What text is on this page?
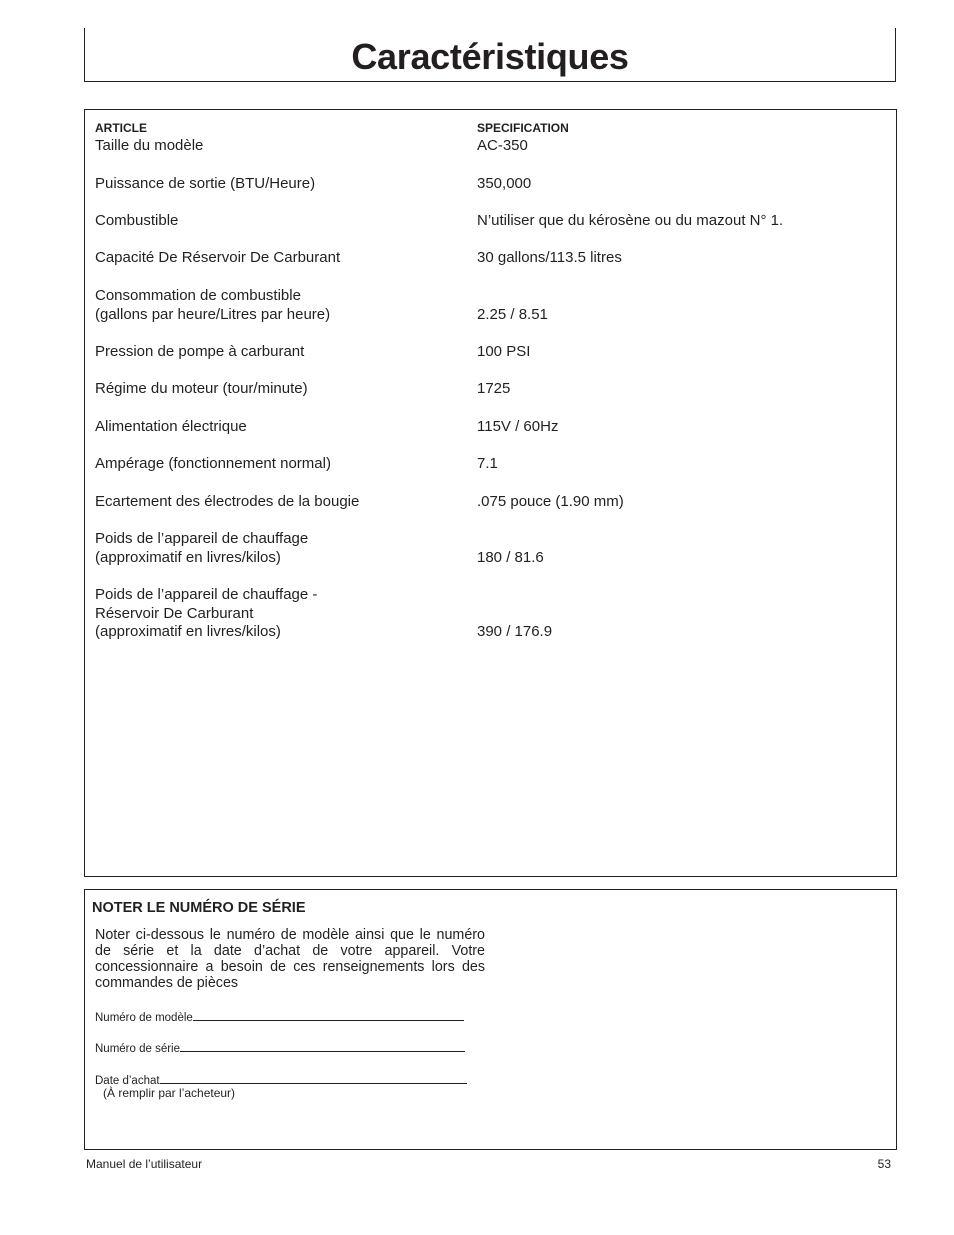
Caractéristiques
ARTICLE	SPECIFICATION
Taille du modèle	AC-350
Puissance de sortie (BTU/Heure)	350,000
Combustible	N’utiliser que du kérosène ou du mazout N° 1.
Capacité De Réservoir De Carburant	30 gallons/113.5 litres
Consommation de combustible
(gallons par heure/Litres par heure)	2.25 / 8.51
Pression de pompe à carburant	100 PSI
Régime du moteur (tour/minute)	1725
Alimentation électrique	115V / 60Hz
Ampérage (fonctionnement normal)	7.1
Ecartement des électrodes de la bougie	.075 pouce (1.90 mm)
Poids de l’appareil de chauffage
(approximatif en livres/kilos)	180 / 81.6
Poids de l’appareil de chauffage -
Réservoir De Carburant
(approximatif en livres/kilos)	390 / 176.9
NOTER LE NUMÉRO DE SÉRIE

Noter ci-dessous le numéro de modèle ainsi que le numéro de série et la date d’achat de votre appareil. Votre concessionnaire a besoin de ces renseignements lors des commandes de pièces

Numéro de modèle
Numéro de série
Date d’achat
(À remplir par l’acheteur)
Manuel de l’utilisateur	53
